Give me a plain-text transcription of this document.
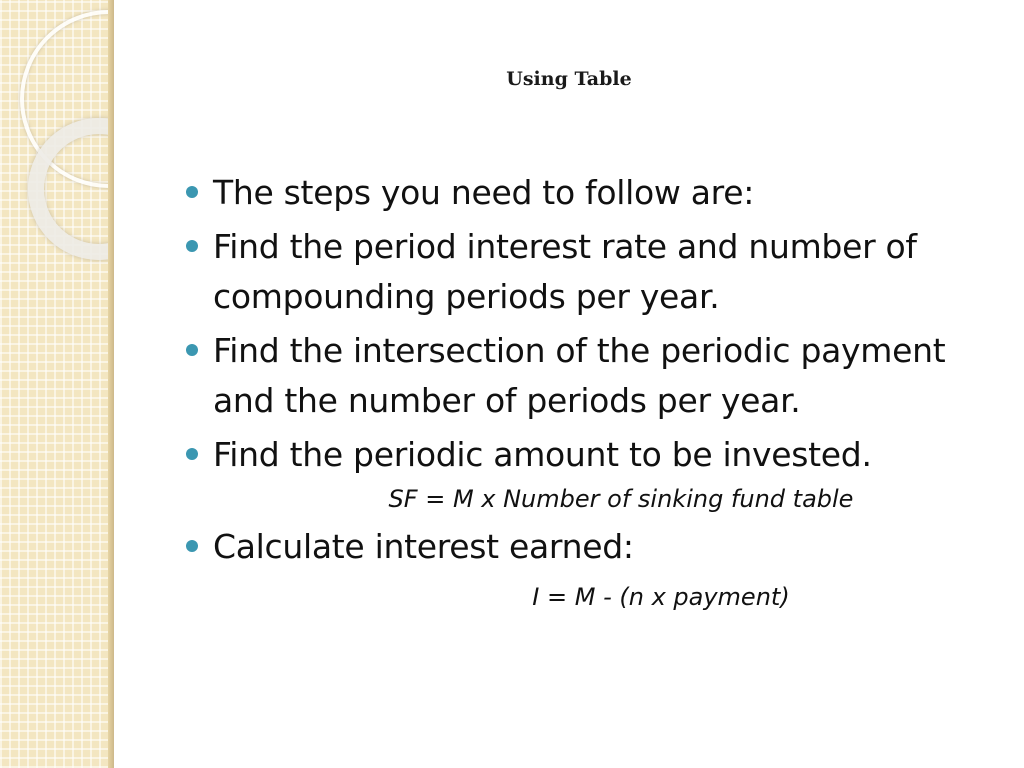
Using Table
The steps you need to follow are:
Find the period interest rate and number of compounding periods per year.
Find the intersection of the periodic payment and the number of periods per year.
Find the periodic amount to be invested.
SF = M x Number of sinking fund table
Calculate interest earned:
I = M - (n x payment)
